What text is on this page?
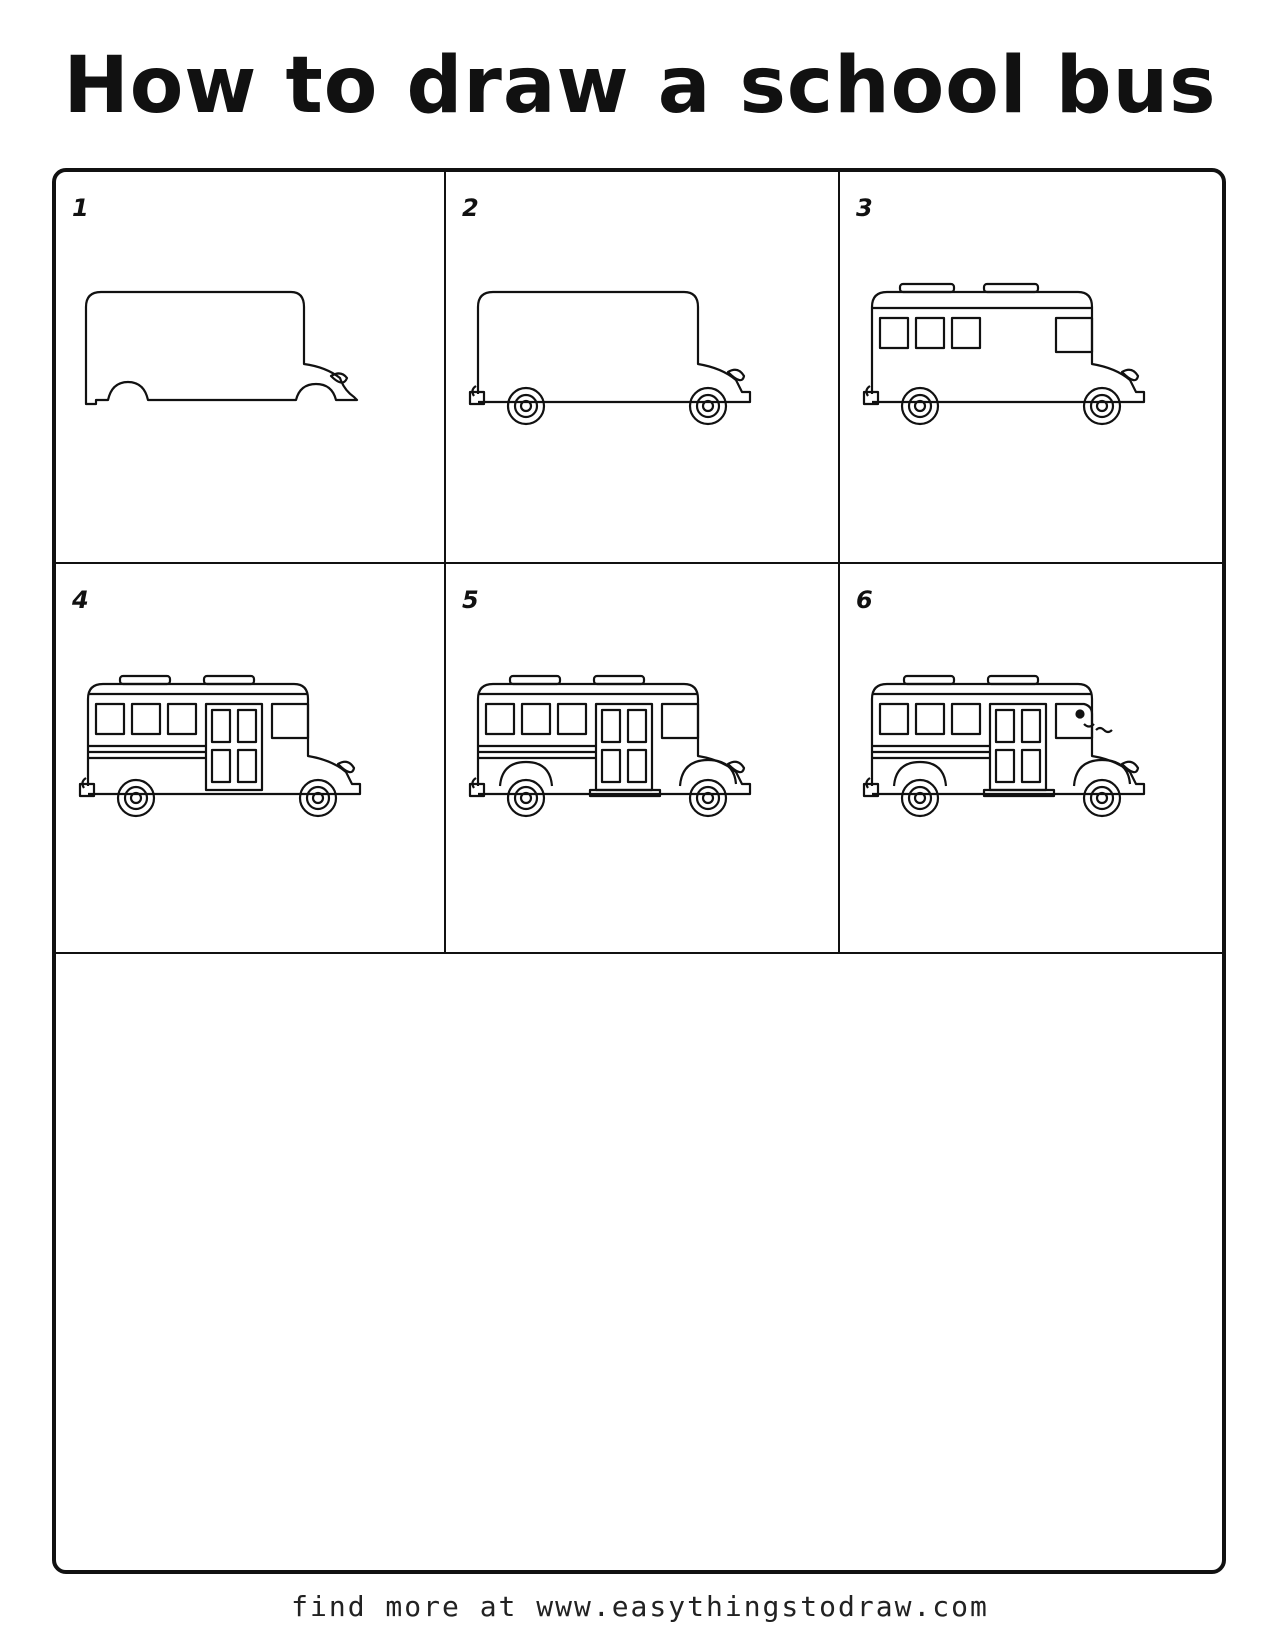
How to draw a school bus
1	2	3
4	5	6
find more at www.easythingstodraw.com
